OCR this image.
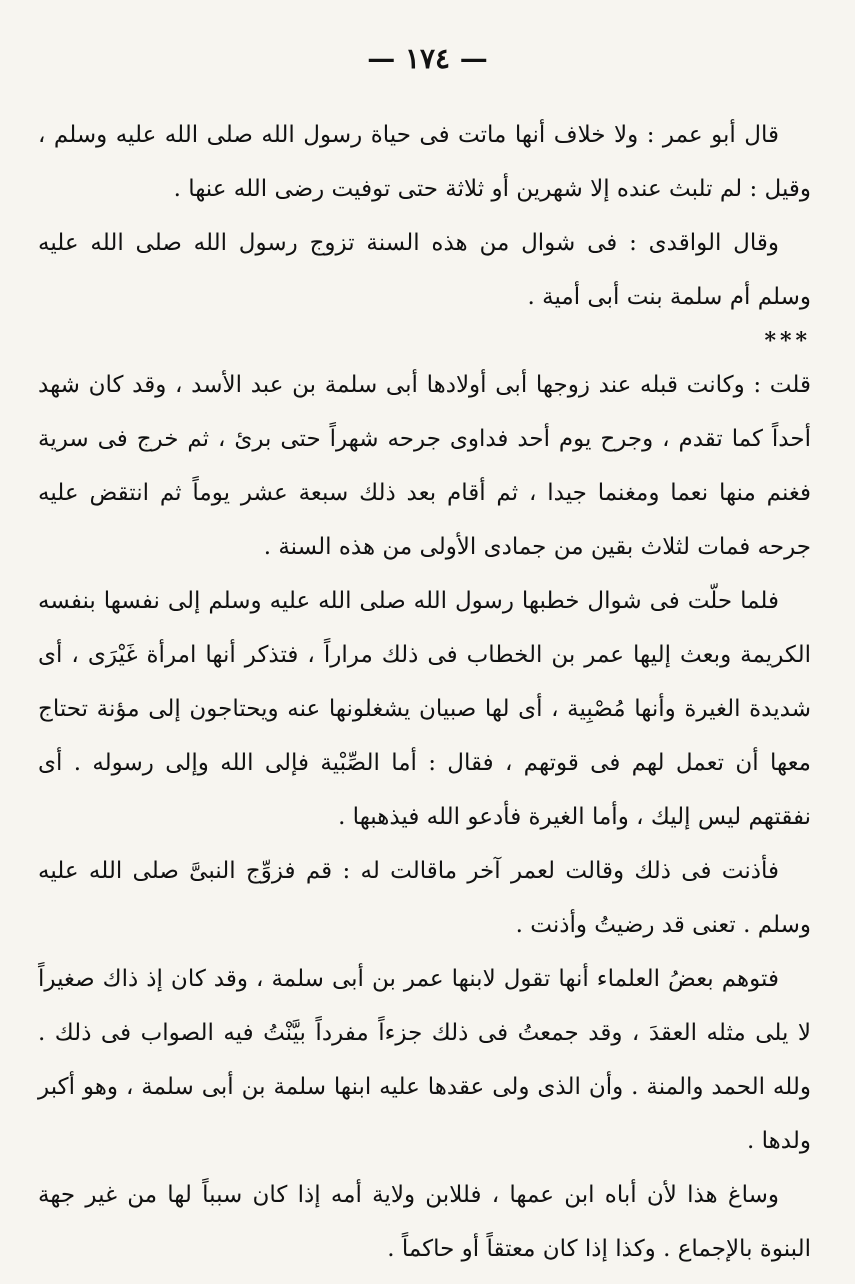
— ١٧٤ —

قال أبو عمر : ولا خلاف أنها ماتت فى حياة رسول الله صلى الله عليه وسلم ، وقيل : لم تلبث عنده إلا شهرين أو ثلاثة حتى توفيت رضى الله عنها .

وقال الواقدى : فى شوال من هذه السنة تزوج رسول الله صلى الله عليه وسلم أم سلمة بنت أبى أمية .

***

قلت : وكانت قبله عند زوجها أبى أولادها أبى سلمة بن عبد الأسد ، وقد كان شهد أحداً كما تقدم ، وجرح يوم أحد فداوى جرحه شهراً حتى برئ ، ثم خرج فى سرية فغنم منها نعما ومغنما جيدا ، ثم أقام بعد ذلك سبعة عشر يوماً ثم انتقض عليه جرحه فمات لثلاث بقين من جمادى الأولى من هذه السنة .

فلما حلّت فى شوال خطبها رسول الله صلى الله عليه وسلم إلى نفسها بنفسه الكريمة وبعث إليها عمر بن الخطاب فى ذلك مراراً ، فتذكر أنها امرأة غَيْرَى ، أى شديدة الغيرة وأنها مُصْبِية ، أى لها صبيان يشغلونها عنه ويحتاجون إلى مؤنة تحتاج معها أن تعمل لهم فى قوتهم ، فقال : أما الصِّبْية فإلى الله وإلى رسوله . أى نفقتهم ليس إليك ، وأما الغيرة فأدعو الله فيذهبها .

فأذنت فى ذلك وقالت لعمر آخر ماقالت له : قم فزوِّج النبىَّ صلى الله عليه وسلم . تعنى قد رضيتُ وأذنت .

فتوهم بعضُ العلماء أنها تقول لابنها عمر بن أبى سلمة ، وقد كان إذ ذاك صغيراً لا يلى مثله العقدَ ، وقد جمعتُ فى ذلك جزءاً مفرداً بيَّنْتُ فيه الصواب فى ذلك . ولله الحمد والمنة . وأن الذى ولى عقدها عليه ابنها سلمة بن أبى سلمة ، وهو أكبر ولدها .

وساغ هذا لأن أباه ابن عمها ، فللابن ولاية أمه إذا كان سبباً لها من غير جهة البنوة بالإجماع . وكذا إذا كان معتقاً أو حاكماً .
